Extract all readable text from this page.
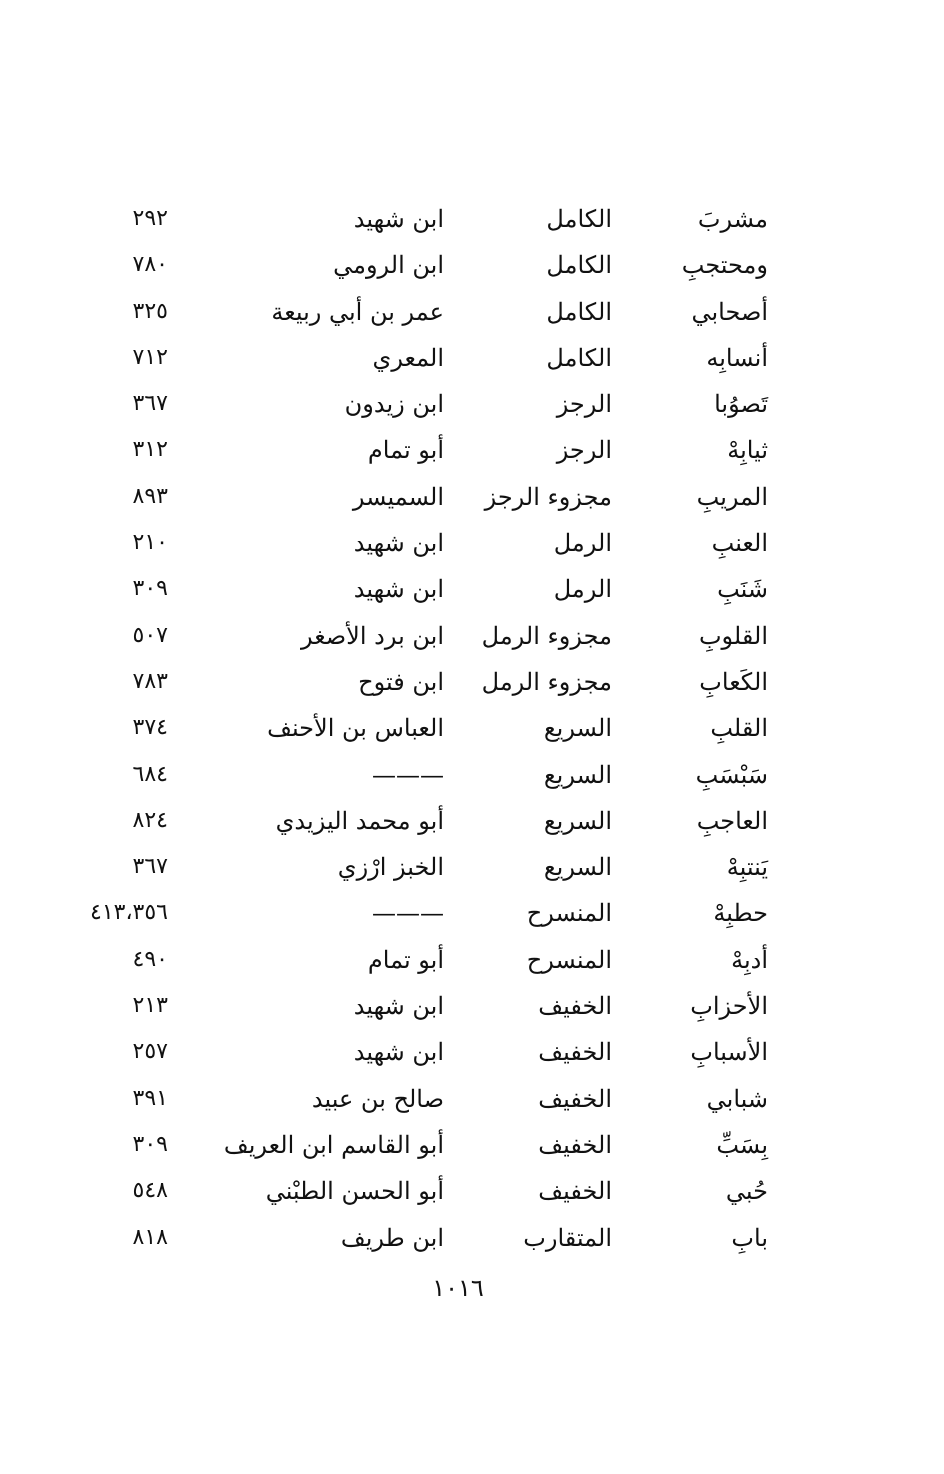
مشربَ
الكامل
ابن شهيد
٢٩٢
ومحتجبِ
الكامل
ابن الرومي
٧٨٠
أصحابي
الكامل
عمر بن أبي ربيعة
٣٢٥
أنسابِه
الكامل
المعري
٧١٢
تَصوُبا
الرجز
ابن زيدون
٣٦٧
ثيابِهْ
الرجز
أبو تمام
٣١٢
المريبِ
مجزوء الرجز
السميسر
٨٩٣
العنبِ
الرمل
ابن شهيد
٢١٠
شَنَبِ
الرمل
ابن شهيد
٣٠٩
القلوبِ
مجزوء الرمل
ابن برد الأصغر
٥٠٧
الكَعابِ
مجزوء الرمل
ابن فتوح
٧٨٣
القلبِ
السريع
العباس بن الأحنف
٣٧٤
سَبْسَبِ
السريع
———
٦٨٤
العاجبِ
السريع
أبو محمد اليزيدي
٨٢٤
يَنتبِهْ
السريع
الخبز ارْزي
٣٦٧
حطبِهْ
المنسرح
———
٤١٣،٣٥٦
أدبِهْ
المنسرح
أبو تمام
٤٩٠
الأحزابِ
الخفيف
ابن شهيد
٢١٣
الأسبابِ
الخفيف
ابن شهيد
٢٥٧
شبابي
الخفيف
صالح بن عبيد
٣٩١
بِسَبِّ
الخفيف
أبو القاسم ابن العريف
٣٠٩
حُبي
الخفيف
أبو الحسن الطبْني
٥٤٨
بابِ
المتقارب
ابن طريف
٨١٨
١٠١٦
